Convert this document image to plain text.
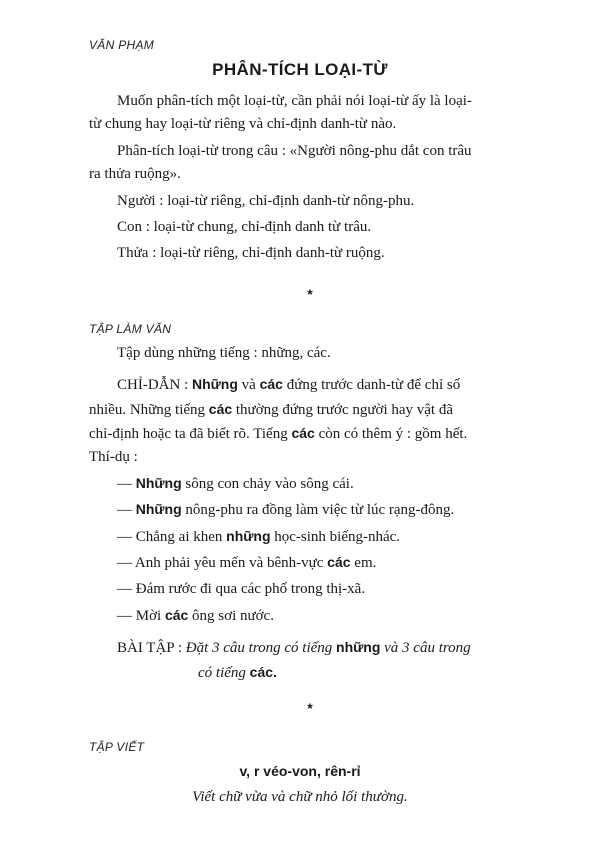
VĂN PHẠM
PHÂN-TÍCH LOẠI-TỪ
Muốn phân-tích một loại-từ, cần phải nói loại-từ ấy là loại-
từ chung hay loại-từ riêng và chỉ-định danh-từ nào.
Phân-tích loại-từ trong câu : «Người nông-phu dắt con trâu
ra thửa ruộng».
Người : loại-từ riêng, chỉ-định danh-từ nông-phu.
Con : loại-từ chung, chỉ-định danh từ trâu.
Thửa : loại-từ riêng, chỉ-định danh-từ ruộng.
*
TẬP LÀM VĂN
Tập dùng những tiếng : những, các.
CHỈ-DẪN : Những và các đứng trước danh-từ để chỉ số
nhiều. Những tiếng các thường đứng trước người hay vật đã
chỉ-định hoặc ta đã biết rõ. Tiếng các còn có thêm ý : gồm hết.
Thí-dụ :
— Những sông con chảy vào sông cái.
— Những nông-phu ra đồng làm việc từ lúc rạng-đông.
— Chẳng ai khen những học-sinh biếng-nhác.
— Anh phải yêu mến và bênh-vực các em.
— Đám rước đi qua các phố trong thị-xã.
— Mời các ông sơi nước.
BÀI TẬP : Đặt 3 câu trong có tiếng những và 3 câu trong
có tiếng các.
*
TẬP VIẾT
v, r véo-von, rên-rỉ
Viết chữ vừa và chữ nhỏ lối thường.
